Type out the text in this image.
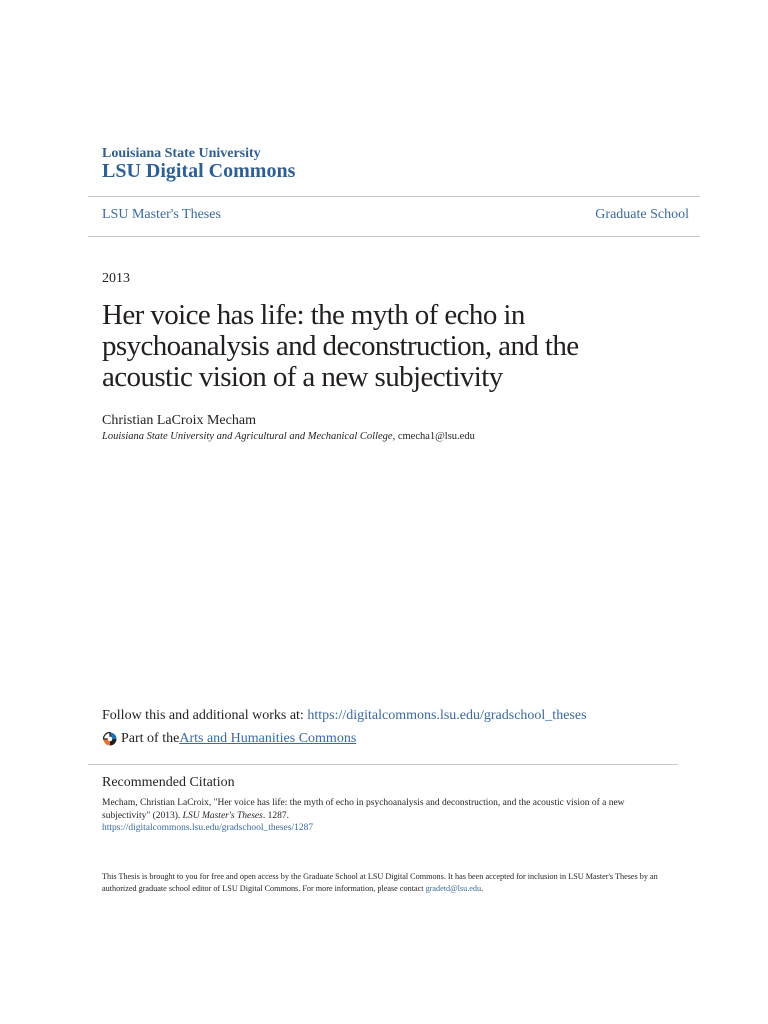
Louisiana State University
LSU Digital Commons
LSU Master's Theses	Graduate School
2013
Her voice has life: the myth of echo in psychoanalysis and deconstruction, and the acoustic vision of a new subjectivity
Christian LaCroix Mecham
Louisiana State University and Agricultural and Mechanical College, cmecha1@lsu.edu
Follow this and additional works at: https://digitalcommons.lsu.edu/gradschool_theses
Part of the Arts and Humanities Commons
Recommended Citation
Mecham, Christian LaCroix, "Her voice has life: the myth of echo in psychoanalysis and deconstruction, and the acoustic vision of a new subjectivity" (2013). LSU Master's Theses. 1287.
https://digitalcommons.lsu.edu/gradschool_theses/1287
This Thesis is brought to you for free and open access by the Graduate School at LSU Digital Commons. It has been accepted for inclusion in LSU Master's Theses by an authorized graduate school editor of LSU Digital Commons. For more information, please contact gradetd@lsu.edu.
